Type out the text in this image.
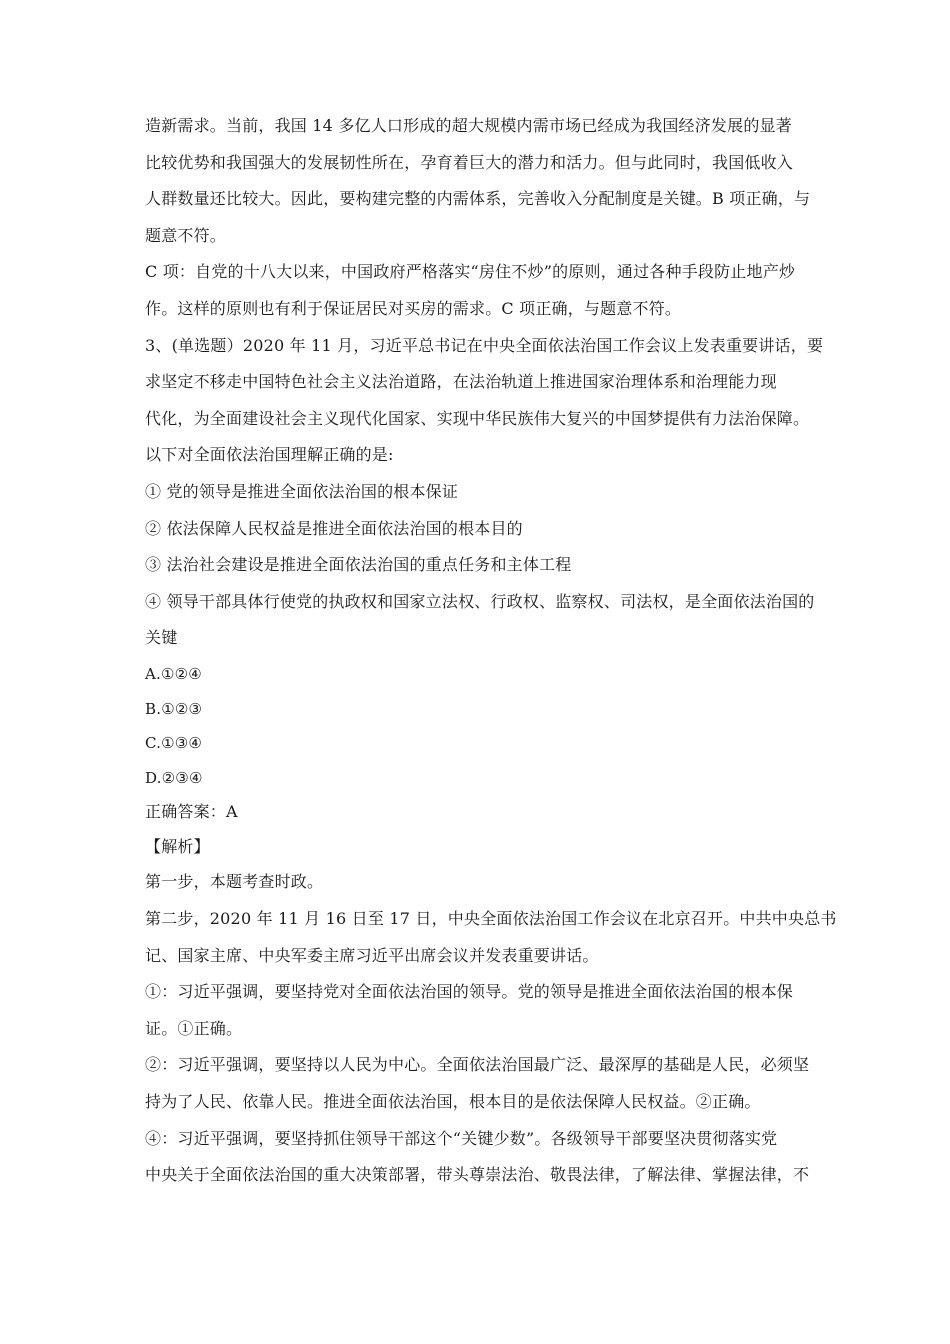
造新需求。当前，我国 14 多亿人口形成的超大规模内需市场已经成为我国经济发展的显著
比较优势和我国强大的发展韧性所在，孕育着巨大的潜力和活力。但与此同时，我国低收入
人群数量还比较大。因此，要构建完整的内需体系，完善收入分配制度是关键。B 项正确，与
题意不符。
C 项：自党的十八大以来，中国政府严格落实“房住不炒”的原则，通过各种手段防止地产炒
作。这样的原则也有利于保证居民对买房的需求。C 项正确，与题意不符。
3、(单选题）2020 年 11 月，习近平总书记在中央全面依法治国工作会议上发表重要讲话，要
求坚定不移走中国特色社会主义法治道路，在法治轨道上推进国家治理体系和治理能力现
代化，为全面建设社会主义现代化国家、实现中华民族伟大复兴的中国梦提供有力法治保障。
以下对全面依法治国理解正确的是:
① 党的领导是推进全面依法治国的根本保证
② 依法保障人民权益是推进全面依法治国的根本目的
③ 法治社会建设是推进全面依法治国的重点任务和主体工程
④ 领导干部具体行使党的执政权和国家立法权、行政权、监察权、司法权，是全面依法治国的
关键
A.①②④
B.①②③
C.①③④
D.②③④
正确答案：A
【解析】
第一步，本题考查时政。
第二步，2020 年 11 月 16 日至 17 日，中央全面依法治国工作会议在北京召开。中共中央总书
记、国家主席、中央军委主席习近平出席会议并发表重要讲话。
①：习近平强调，要坚持党对全面依法治国的领导。党的领导是推进全面依法治国的根本保
证。①正确。
②：习近平强调，要坚持以人民为中心。全面依法治国最广泛、最深厚的基础是人民，必须坚
持为了人民、依靠人民。推进全面依法治国，根本目的是依法保障人民权益。②正确。
④：习近平强调，要坚持抓住领导干部这个“关键少数”。各级领导干部要坚决贯彻落实党
中央关于全面依法治国的重大决策部署，带头尊崇法治、敬畏法律，了解法律、掌握法律，不
